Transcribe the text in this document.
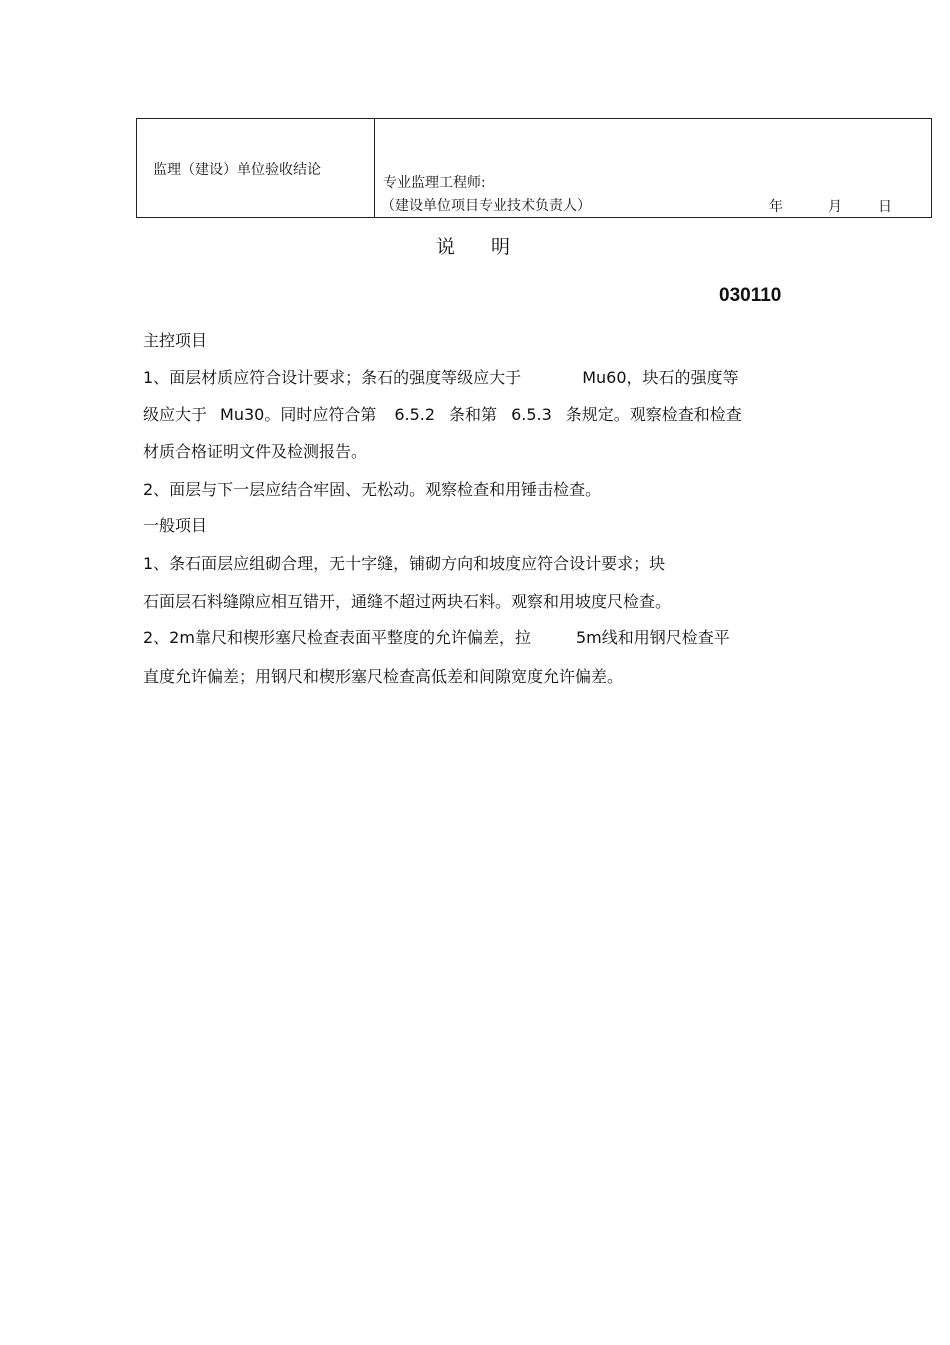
监理（建设）单位验收结论
专业监理工程师:
（建设单位项目专业技术负责人）	年	月	日
说明
030110
主控项目
1、面层材质应符合设计要求；条石的强度等级应大于	Mu60，块石的强度等
级应大于 Mu30。同时应符合第 6.5.2 条和第 6.5.3 条规定。观察检查和检查
材质合格证明文件及检测报告。
2、面层与下一层应结合牢固、无松动。观察检查和用锤击检查。
一般项目
1、条石面层应组砌合理，无十字缝，铺砌方向和坡度应符合设计要求；块
石面层石料缝隙应相互错开，通缝不超过两块石料。观察和用坡度尺检查。
2、2m靠尺和楔形塞尺检查表面平整度的允许偏差，拉	5m线和用钢尺检查平
直度允许偏差；用钢尺和楔形塞尺检查高低差和间隙宽度允许偏差。
